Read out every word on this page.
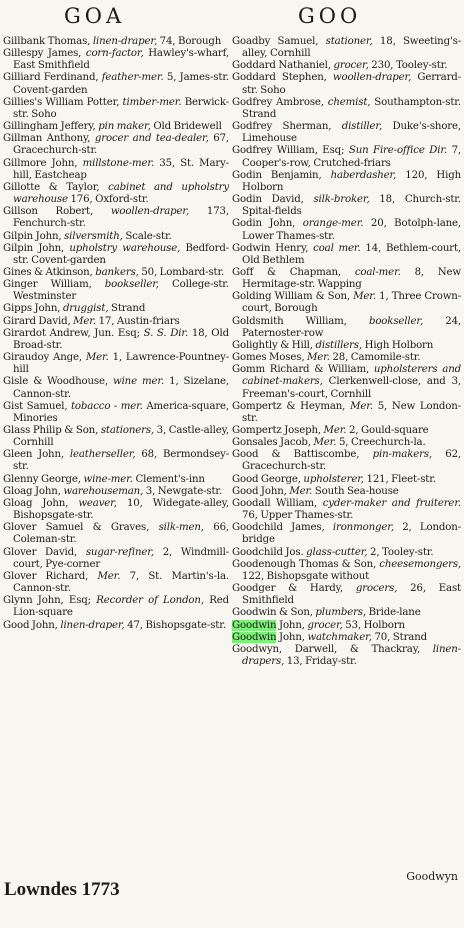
GOA	GOO

Gillbank Thomas, linen-draper, 74, Borough

Gillespy James, corn-factor, Hawley's-wharf, East Smithfield

Gilliard Ferdinand, feather-mer. 5, James-str. Covent-garden

Gillies's William Potter, timber-mer. Berwick-str. Soho

Gillingham Jeffery, pin maker, Old Bridewell

Gillman Anthony, grocer and tea-dealer, 67, Gracechurch-str.

Gillmore John, millstone-mer. 35, St. Mary-hill, Eastcheap

Gillotte & Taylor, cabinet and upholstry warehouse 176, Oxford-str.

Gillson Robert, woollen-draper, 173, Fenchurch-str.

Gilpin John, silversmith, Scale-str.

Gilpin John, upholstry warehouse, Bedford-str. Covent-garden

Gines & Atkinson, bankers, 50, Lombard-str.

Ginger William, bookseller, College-str. Westminster

Gipps John, druggist, Strand

Girard David, Mer. 17, Austin-friars

Girardot Andrew, Jun. Esq; S. S. Dir. 18, Old Broad-str.

Giraudoy Ange, Mer. 1, Lawrence-Pountney-hill

Gisle & Woodhouse, wine mer. 1, Sizelane, Cannon-str.

Gist Samuel, tobacco - mer. America-square, Minories

Glass Philip & Son, stationers, 3, Castle-alley, Cornhill

Gleen John, leatherseller, 68, Bermondsey-str.

Glenny George, wine-mer. Clement's-inn

Gloag John, warehouseman, 3, Newgate-str.

Gloag John, weaver, 10, Widegate-alley, Bishopsgate-str.

Glover Samuel & Graves, silk-men, 66, Coleman-str.

Glover David, sugar-refiner, 2, Windmill-court, Pye-corner

Glover Richard, Mer. 7, St. Martin's-la. Cannon-str.

Glynn John, Esq; Recorder of London, Red Lion-square

Good John, linen-draper, 47, Bishopsgate-str.

Goadby Samuel, stationer, 18, Sweeting's-alley, Cornhill

Goddard Nathaniel, grocer, 230, Tooley-str.

Goddard Stephen, woollen-draper, Gerrard-str. Soho

Godfrey Ambrose, chemist, Southampton-str. Strand

Godfrey Sherman, distiller, Duke's-shore, Limehouse

Godfrey William, Esq; Sun Fire-office Dir. 7, Cooper's-row, Crutched-friars

Godin Benjamin, haberdasher, 120, High Holborn

Godin David, silk-broker, 18, Church-str. Spital-fields

Godin John, orange-mer. 20, Botolph-lane, Lower Thames-str.

Godwin Henry, coal mer. 14, Bethlem-court, Old Bethlem

Goff & Chapman, coal-mer. 8, New Hermitage-str. Wapping

Golding William & Son, Mer. 1, Three Crown-court, Borough

Goldsmith William, bookseller, 24, Paternoster-row

Golightly & Hill, distillers, High Holborn

Gomes Moses, Mer. 28, Camomile-str.

Gomm Richard & William, upholsterers and cabinet-makers, Clerkenwell-close, and 3, Freeman's-court, Cornhill

Gompertz & Heyman, Mer. 5, New London-str.

Gompertz Joseph, Mer. 2, Gould-square

Gonsales Jacob, Mer. 5, Creechurch-la.

Good & Battiscombe, pin-makers, 62, Gracechurch-str.

Good George, upholsterer, 121, Fleet-str.

Good John, Mer. South Sea-house

Goodall William, cyder-maker and fruiterer. 76, Upper Thames-str.

Goodchild James, ironmonger, 2, London-bridge

Goodchild Jos. glass-cutter, 2, Tooley-str.

Goodenough Thomas & Son, cheesemongers, 122, Bishopsgate without

Goodger & Hardy, grocers, 26, East Smithfield

Goodwin & Son, plumbers, Bride-lane

Goodwin John, grocer, 53, Holborn

Goodwin John, watchmaker, 70, Strand

Goodwyn, Darwell, & Thackray, linen-drapers, 13, Friday-str.

Goodwyn
Lowndes 1773
